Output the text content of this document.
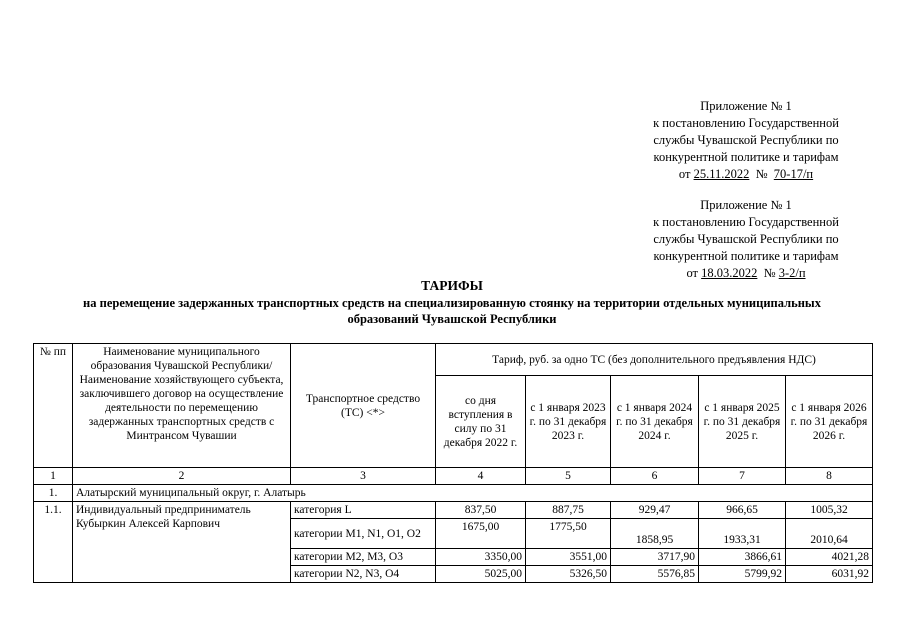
Приложение № 1
к постановлению Государственной
службы Чувашской Республики по
конкурентной политике и тарифам
от 25.11.2022 № 70-17/п
Приложение № 1
к постановлению Государственной
службы Чувашской Республики по
конкурентной политике и тарифам
от 18.03.2022 № 3-2/п
ТАРИФЫ
на перемещение задержанных транспортных средств на специализированную стоянку на территории отдельных муниципальных образований Чувашской Республики
№ пп	Наименование муниципального образования Чувашской Республики/ Наименование хозяйствующего субъекта, заключившего договор на осуществление деятельности по перемещению задержанных транспортных средств с Минтрансом Чувашии	Транспортное средство (ТС) <*>	Тариф, руб. за одно ТС (без дополнительного предъявления НДС)				
			со дня вступления в силу по 31 декабря 2022 г.	с 1 января 2023 г. по 31 декабря 2023 г.	с 1 января 2024 г. по 31 декабря 2024 г.	с 1 января 2025 г. по 31 декабря 2025 г.	с 1 января 2026 г. по 31 декабря 2026 г.
1	2	3	4	5	6	7	8
1.	Алатырский муниципальный округ, г. Алатырь						
1.1.	Индивидуальный предприниматель Кубыркин Алексей Карпович	категория L	837,50	887,75	929,47	966,65	1005,32
		категории M1, N1, O1, O2	1675,00	1775,50	1858,95	1933,31	2010,64
		категории M2, M3, O3	3350,00	3551,00	3717,90	3866,61	4021,28
		категории N2, N3, O4	5025,00	5326,50	5576,85	5799,92	6031,92
